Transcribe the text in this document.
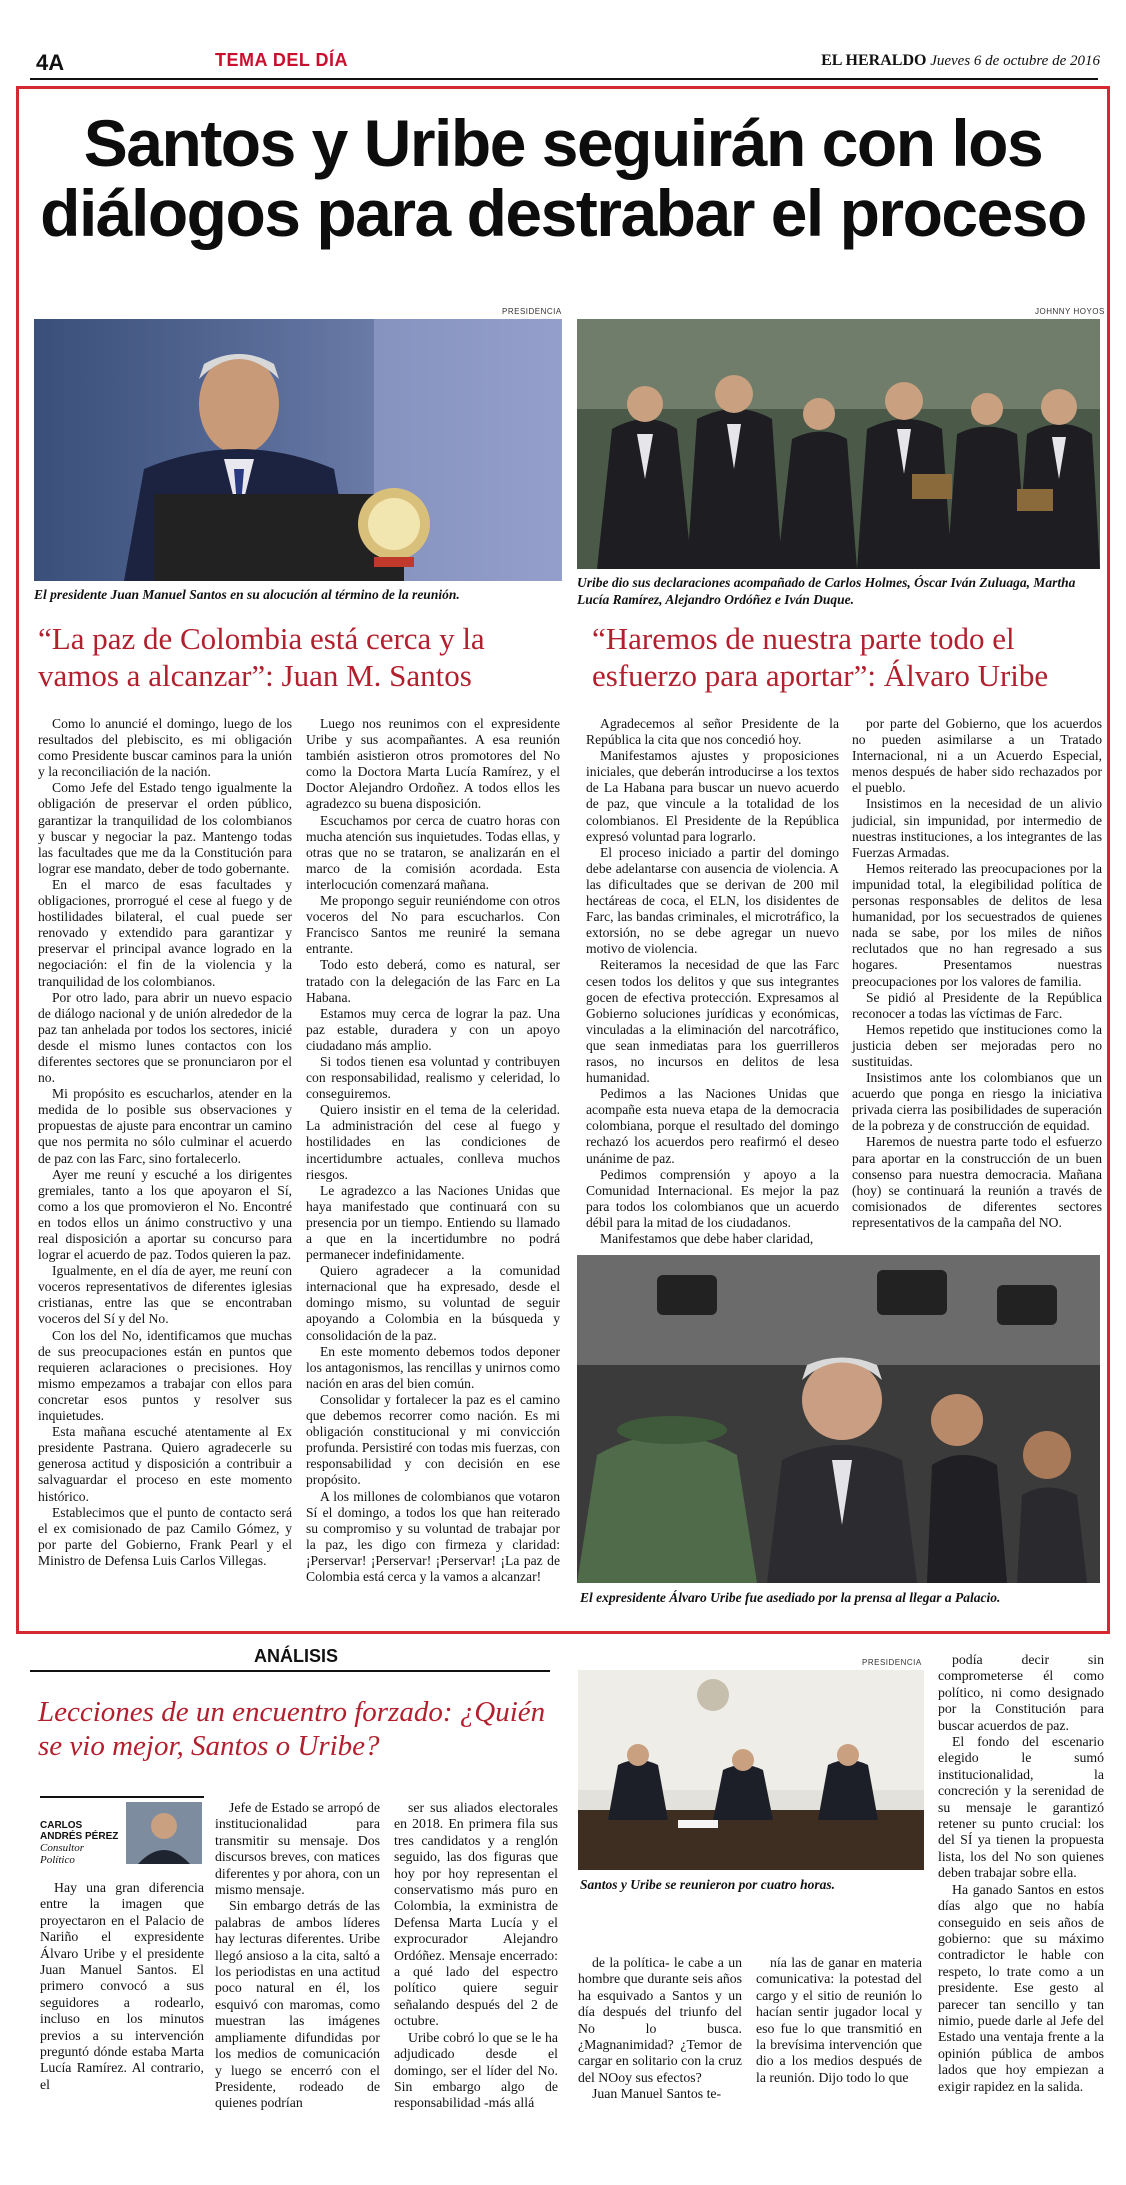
4A	TEMA DEL DÍA	EL HERALDO Jueves 6 de octubre de 2016
Santos y Uribe seguirán con los
diálogos para destrabar el proceso
PRESIDENCIA
El presidente Juan Manuel Santos en su alocución al término de la reunión.
JOHNNY HOYOS
Uribe dio sus declaraciones acompañado de Carlos Holmes, Óscar Iván Zuluaga, Martha Lucía Ramírez, Alejandro Ordóñez e Iván Duque.
“La paz de Colombia está cerca y la vamos a alcanzar”: Juan M. Santos
“Haremos de nuestra parte todo el esfuerzo para aportar”: Álvaro Uribe

Como lo anuncié el domingo, luego de los resultados del plebiscito, es mi obligación como Presidente buscar caminos para la unión y la reconciliación de la nación.

Como Jefe del Estado tengo igualmente la obligación de preservar el orden público, garantizar la tranquilidad de los colombianos y buscar y negociar la paz. Mantengo todas las facultades que me da la Constitución para lograr ese mandato, deber de todo gobernante.

En el marco de esas facultades y obligaciones, prorrogué el cese al fuego y de hostilidades bilateral, el cual puede ser renovado y extendido para garantizar y preservar el principal avance logrado en la negociación: el fin de la violencia y la tranquilidad de los colombianos.

Por otro lado, para abrir un nuevo espacio de diálogo nacional y de unión alrededor de la paz tan anhelada por todos los sectores, inicié desde el mismo lunes contactos con los diferentes sectores que se pronunciaron por el no.

Mi propósito es escucharlos, atender en la medida de lo posible sus observaciones y propuestas de ajuste para encontrar un camino que nos permita no sólo culminar el acuerdo de paz con las Farc, sino fortalecerlo.

Ayer me reuní y escuché a los dirigentes gremiales, tanto a los que apoyaron el Sí, como a los que promovieron el No. Encontré en todos ellos un ánimo constructivo y una real disposición a aportar su concurso para lograr el acuerdo de paz. Todos quieren la paz.

Igualmente, en el día de ayer, me reuní con voceros representativos de diferentes iglesias cristianas, entre las que se encontraban voceros del Sí y del No.

Con los del No, identificamos que muchas de sus preocupaciones están en puntos que requieren aclaraciones o precisiones. Hoy mismo empezamos a trabajar con ellos para concretar esos puntos y resolver sus inquietudes.

Esta mañana escuché atentamente al Ex presidente Pastrana. Quiero agradecerle su generosa actitud y disposición a contribuir a salvaguardar el proceso en este momento histórico.

Establecimos que el punto de contacto será el ex comisionado de paz Camilo Gómez, y por parte del Gobierno, Frank Pearl y el Ministro de Defensa Luis Carlos Villegas.

Luego nos reunimos con el expresidente Uribe y sus acompañantes. A esa reunión también asistieron otros promotores del No como la Doctora Marta Lucía Ramírez, y el Doctor Alejandro Ordoñez. A todos ellos les agradezco su buena disposición.

Escuchamos por cerca de cuatro horas con mucha atención sus inquietudes. Todas ellas, y otras que no se trataron, se analizarán en el marco de la comisión acordada. Esta interlocución comenzará mañana.

Me propongo seguir reuniéndome con otros voceros del No para escucharlos. Con Francisco Santos me reuniré la semana entrante.

Todo esto deberá, como es natural, ser tratado con la delegación de las Farc en La Habana.

Estamos muy cerca de lograr la paz. Una paz estable, duradera y con un apoyo ciudadano más amplio.

Si todos tienen esa voluntad y contribuyen con responsabilidad, realismo y celeridad, lo conseguiremos.

Quiero insistir en el tema de la celeridad. La administración del cese al fuego y hostilidades en las condiciones de incertidumbre actuales, conlleva muchos riesgos.

Le agradezco a las Naciones Unidas que haya manifestado que continuará con su presencia por un tiempo. Entiendo su llamado a que en la incertidumbre no podrá permanecer indefinidamente.

Quiero agradecer a la comunidad internacional que ha expresado, desde el domingo mismo, su voluntad de seguir apoyando a Colombia en la búsqueda y consolidación de la paz.

En este momento debemos todos deponer los antagonismos, las rencillas y unirnos como nación en aras del bien común.

Consolidar y fortalecer la paz es el camino que debemos recorrer como nación. Es mi obligación constitucional y mi convicción profunda. Persistiré con todas mis fuerzas, con responsabilidad y con decisión en ese propósito.

A los millones de colombianos que votaron Sí el domingo, a todos los que han reiterado su compromiso y su voluntad de trabajar por la paz, les digo con firmeza y claridad: ¡Perservar! ¡Perservar! ¡Perservar! ¡La paz de Colombia está cerca y la vamos a alcanzar!

Agradecemos al señor Presidente de la República la cita que nos concedió hoy.

Manifestamos ajustes y proposiciones iniciales, que deberán introducirse a los textos de La Habana para buscar un nuevo acuerdo de paz, que vincule a la totalidad de los colombianos. El Presidente de la República expresó voluntad para lograrlo.

El proceso iniciado a partir del domingo debe adelantarse con ausencia de violencia. A las dificultades que se derivan de 200 mil hectáreas de coca, el ELN, los disidentes de Farc, las bandas criminales, el microtráfico, la extorsión, no se debe agregar un nuevo motivo de violencia.

Reiteramos la necesidad de que las Farc cesen todos los delitos y que sus integrantes gocen de efectiva protección. Expresamos al Gobierno soluciones jurídicas y económicas, vinculadas a la eliminación del narcotráfico, que sean inmediatas para los guerrilleros rasos, no incursos en delitos de lesa humanidad.

Pedimos a las Naciones Unidas que acompañe esta nueva etapa de la democracia colombiana, porque el resultado del domingo rechazó los acuerdos pero reafirmó el deseo unánime de paz.

Pedimos comprensión y apoyo a la Comunidad Internacional. Es mejor la paz para todos los colombianos que un acuerdo débil para la mitad de los ciudadanos.

Manifestamos que debe haber claridad,

por parte del Gobierno, que los acuerdos no pueden asimilarse a un Tratado Internacional, ni a un Acuerdo Especial, menos después de haber sido rechazados por el pueblo.

Insistimos en la necesidad de un alivio judicial, sin impunidad, por intermedio de nuestras instituciones, a los integrantes de las Fuerzas Armadas.

Hemos reiterado las preocupaciones por la impunidad total, la elegibilidad política de personas responsables de delitos de lesa humanidad, por los secuestrados de quienes nada se sabe, por los miles de niños reclutados que no han regresado a sus hogares. Presentamos nuestras preocupaciones por los valores de familia.

Se pidió al Presidente de la República reconocer a todas las víctimas de Farc.

Hemos repetido que instituciones como la justicia deben ser mejoradas pero no sustituidas.

Insistimos ante los colombianos que un acuerdo que ponga en riesgo la iniciativa privada cierra las posibilidades de superación de la pobreza y de construcción de equidad.

Haremos de nuestra parte todo el esfuerzo para aportar en la construcción de un buen consenso para nuestra democracia. Mañana (hoy) se continuará la reunión a través de comisionados de diferentes sectores representativos de la campaña del NO.

El expresidente Álvaro Uribe fue asediado por la prensa al llegar a Palacio.
ANÁLISIS
Lecciones de un encuentro forzado: ¿Quién se vio mejor, Santos o Uribe?
CARLOS ANDRÉS PÉREZ
Consultor Político

Hay una gran diferencia entre la imagen que proyectaron en el Palacio de Nariño el expresidente Álvaro Uribe y el presidente Juan Manuel Santos. El primero convocó a sus seguidores a rodearlo, incluso en los minutos previos a su intervención preguntó dónde estaba Marta Lucía Ramírez. Al contrario, el

Jefe de Estado se arropó de institucionalidad para transmitir su mensaje. Dos discursos breves, con matices diferentes y por ahora, con un mismo mensaje.

Sin embargo detrás de las palabras de ambos líderes hay lecturas diferentes. Uribe llegó ansioso a la cita, saltó a los periodistas en una actitud poco natural en él, los esquivó con maromas, como muestran las imágenes ampliamente difundidas por los medios de comunicación y luego se encerró con el Presidente, rodeado de quienes podrían

ser sus aliados electorales en 2018. En primera fila sus tres candidatos y a renglón seguido, las dos figuras que hoy por hoy representan el conservatismo más puro en Colombia, la exministra de Defensa Marta Lucía y el exprocurador Alejandro Ordóñez. Mensaje encerrado: a qué lado del espectro político quiere seguir señalando después del 2 de octubre.

Uribe cobró lo que se le ha adjudicado desde el domingo, ser el líder del No. Sin embargo algo de responsabilidad -más allá

PRESIDENCIA
Santos y Uribe se reunieron por cuatro horas.

de la política- le cabe a un hombre que durante seis años ha esquivado a Santos y un día después del triunfo del No lo busca. ¿Magnanimidad? ¿Temor de cargar en solitario con la cruz del NOoy sus efectos?

Juan Manuel Santos te-

nía las de ganar en materia comunicativa: la potestad del cargo y el sitio de reunión lo hacían sentir jugador local y eso fue lo que transmitió en la brevísima intervención que dio a los medios después de la reunión. Dijo todo lo que

podía decir sin comprometerse él como político, ni como designado por la Constitución para buscar acuerdos de paz.

El fondo del escenario elegido le sumó institucionalidad, la concreción y la serenidad de su mensaje le garantizó retener su punto crucial: los del SÍ ya tienen la propuesta lista, los del No son quienes deben trabajar sobre ella.

Ha ganado Santos en estos días algo que no había conseguido en seis años de gobierno: que su máximo contradictor le hable con respeto, lo trate como a un presidente. Ese gesto al parecer tan sencillo y tan nimio, puede darle al Jefe del Estado una ventaja frente a la opinión pública de ambos lados que hoy empiezan a exigir rapidez en la salida.
